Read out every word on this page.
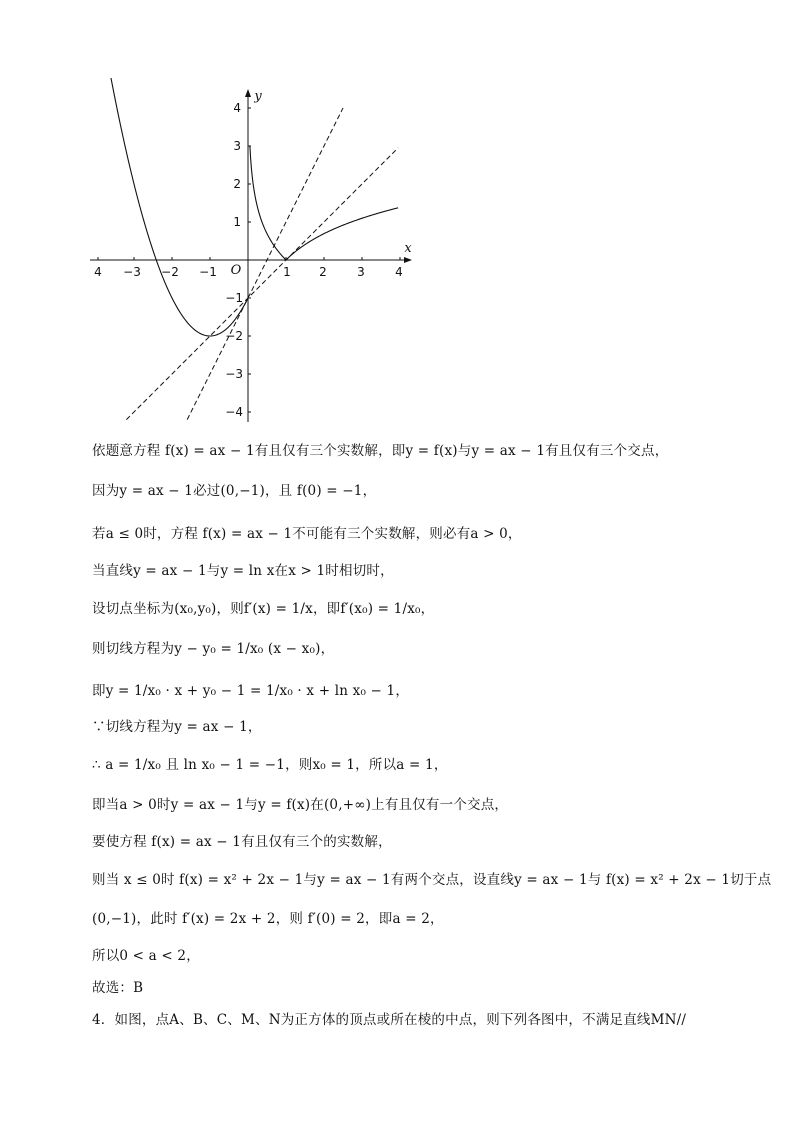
4 −3 −2 −1	1 2	3	4
O
x
y
4
3
2
1
−1
−2
−3
−4
依题意方程 f(x) = ax − 1有且仅有三个实数解，即y = f(x)与y = ax − 1有且仅有三个交点，
因为y = ax − 1必过(0,−1)，且 f(0) = −1，
若a ≤ 0时，方程 f(x) = ax − 1不可能有三个实数解，则必有a > 0，
当直线y = ax − 1与y = ln x在x > 1时相切时，
设切点坐标为(x₀,y₀)，则f′(x) = 1/x，即f′(x₀) = 1/x₀，
则切线方程为y − y₀ = 1/x₀ (x − x₀)，
即y = 1/x₀ · x + y₀ − 1 = 1/x₀ · x + ln x₀ − 1，
∵切线方程为y = ax − 1，
∴ a = 1/x₀ 且 ln x₀ − 1 = −1，则x₀ = 1，所以a = 1，
即当a > 0时y = ax − 1与y = f(x)在(0,+∞)上有且仅有一个交点，
要使方程 f(x) = ax − 1有且仅有三个的实数解，
则当 x ≤ 0时 f(x) = x² + 2x − 1与y = ax − 1有两个交点，设直线y = ax − 1与 f(x) = x² + 2x − 1切于点
(0,−1)，此时 f′(x) = 2x + 2，则 f′(0) = 2，即a = 2，
所以0 < a < 2，
故选：B
4．如图，点A、B、C、M、N为正方体的顶点或所在棱的中点，则下列各图中，不满足直线MN//
